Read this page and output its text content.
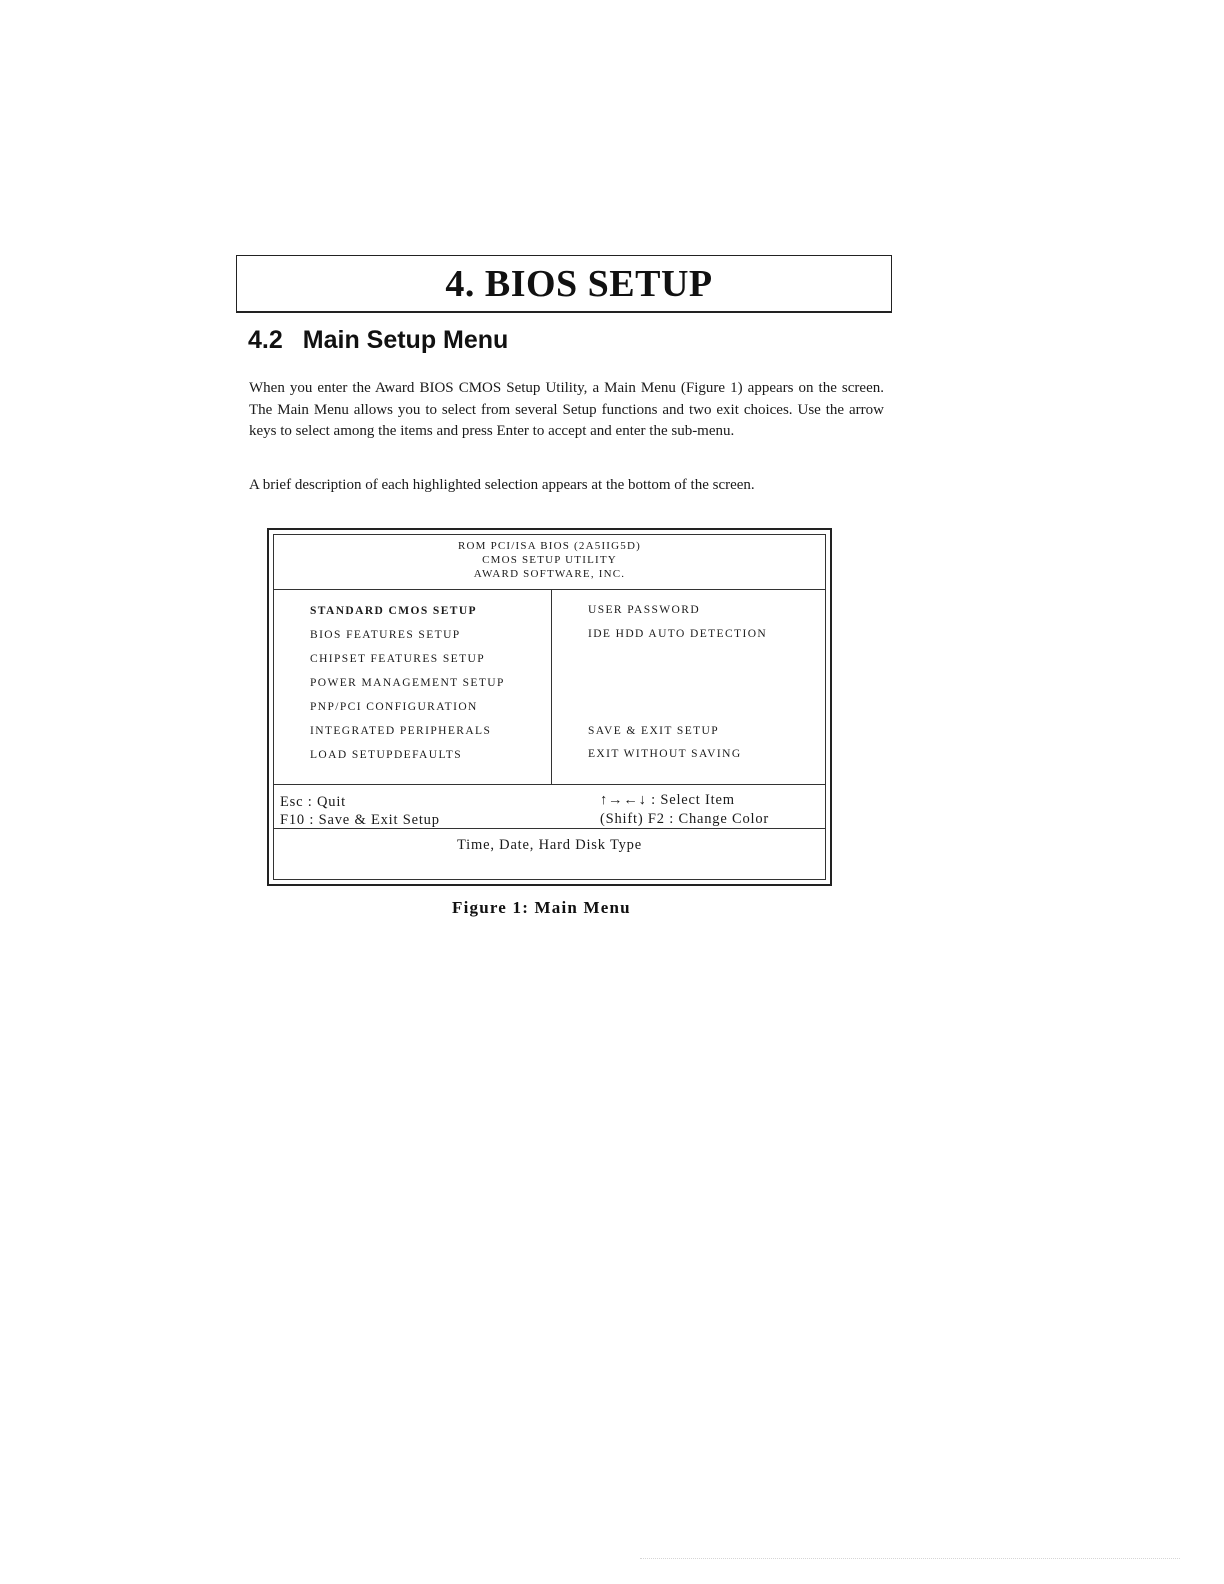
4. BIOS SETUP
4.2 Main Setup Menu

When you enter the Award BIOS CMOS Setup Utility, a Main Menu (Figure 1) appears on the screen. The Main Menu allows you to select from several Setup functions and two exit choices. Use the arrow keys to select among the items and press Enter to accept and enter the sub-menu.

A brief description of each highlighted selection appears at the bottom of the screen.

ROM PCI/ISA BIOS (2A5IIG5D)
CMOS SETUP UTILITY
AWARD SOFTWARE, INC.
STANDARD CMOS SETUP
BIOS FEATURES SETUP
CHIPSET FEATURES SETUP
POWER MANAGEMENT SETUP
PNP/PCI CONFIGURATION
INTEGRATED PERIPHERALS
LOAD SETUPDEFAULTS
USER PASSWORD
IDE HDD AUTO DETECTION
SAVE & EXIT SETUP
EXIT WITHOUT SAVING
Esc : Quit
F10 : Save & Exit Setup
↑→←↓ : Select Item
(Shift) F2 : Change Color
Time, Date, Hard Disk Type
Figure 1: Main Menu
